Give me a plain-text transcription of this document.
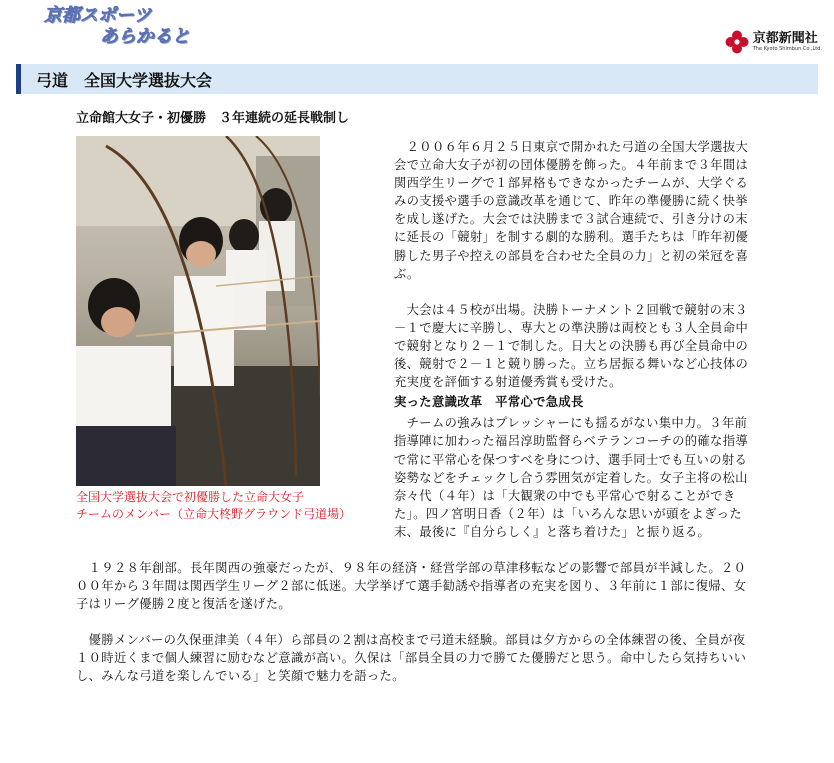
京都スポーツ
あらかると	京都新聞社
The Kyoto Shimbun Co.,Ltd.
弓道　全国大学選抜大会
立命館大女子・初優勝　３年連続の延長戦制し
全国大学選抜大会で初優勝した立命大女子
チームのメンバー（立命大柊野グラウンド弓道場）

　２００６年６月２５日東京で開かれた弓道の全国大学選抜大会で立命大女子が初の団体優勝を飾った。４年前まで３年間は関西学生リーグで１部昇格もできなかったチームが、大学ぐるみの支援や選手の意識改革を通じて、昨年の準優勝に続く快挙を成し遂げた。大会では決勝まで３試合連続で、引き分けの末に延長の「競射」を制する劇的な勝利。選手たちは「昨年初優勝した男子や控えの部員を合わせた全員の力」と初の栄冠を喜ぶ。

　大会は４５校が出場。決勝トーナメント２回戦で競射の末３－１で慶大に辛勝し、専大との準決勝は両校とも３人全員命中で競射となり２－１で制した。日大との決勝も再び全員命中の後、競射で２－１と競り勝った。立ち居振る舞いなど心技体の充実度を評価する射道優秀賞も受けた。

実った意識改革　平常心で急成長

　チームの強みはプレッシャーにも揺るがない集中力。３年前指導陣に加わった福呂淳助監督らベテランコーチの的確な指導で常に平常心を保つすべを身につけ、選手同士でも互いの射る姿勢などをチェックし合う雰囲気が定着した。女子主将の松山奈々代（４年）は「大観衆の中でも平常心で射ることができた」。四ノ宮明日香（２年）は「いろんな思いが頭をよぎった末、最後に『自分らしく』と落ち着けた」と振り返る。

　１９２８年創部。長年関西の強豪だったが、９８年の経済・経営学部の草津移転などの影響で部員が半減した。２０００年から３年間は関西学生リーグ２部に低迷。大学挙げて選手勧誘や指導者の充実を図り、３年前に１部に復帰、女子はリーグ優勝２度と復活を遂げた。

　優勝メンバーの久保亜津美（４年）ら部員の２割は高校まで弓道未経験。部員は夕方からの全体練習の後、全員が夜１０時近くまで個人練習に励むなど意識が高い。久保は「部員全員の力で勝てた優勝だと思う。命中したら気持ちいいし、みんな弓道を楽しんでいる」と笑顔で魅力を語った。
